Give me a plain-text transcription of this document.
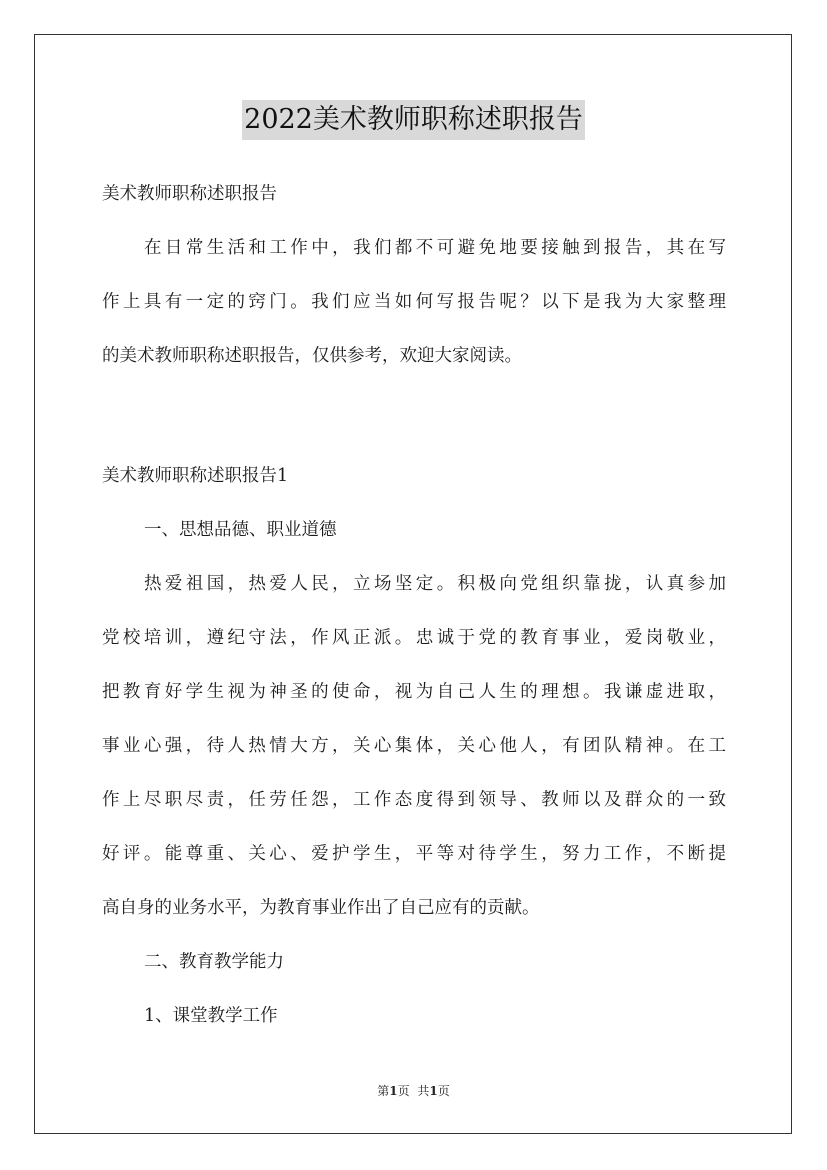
2022美术教师职称述职报告
美术教师职称述职报告
在日常生活和工作中，我们都不可避免地要接触到报告，其在写
作上具有一定的窍门。我们应当如何写报告呢？以下是我为大家整理
的美术教师职称述职报告，仅供参考，欢迎大家阅读。
美术教师职称述职报告1
一、思想品德、职业道德
热爱祖国，热爱人民，立场坚定。积极向党组织靠拢，认真参加
党校培训，遵纪守法，作风正派。忠诚于党的教育事业，爱岗敬业，
把教育好学生视为神圣的使命，视为自己人生的理想。我谦虚进取，
事业心强，待人热情大方，关心集体，关心他人，有团队精神。在工
作上尽职尽责，任劳任怨，工作态度得到领导、教师以及群众的一致
好评。能尊重、关心、爱护学生，平等对待学生，努力工作，不断提
高自身的业务水平，为教育事业作出了自己应有的贡献。
二、教育教学能力
1、课堂教学工作
第1页 共1页
